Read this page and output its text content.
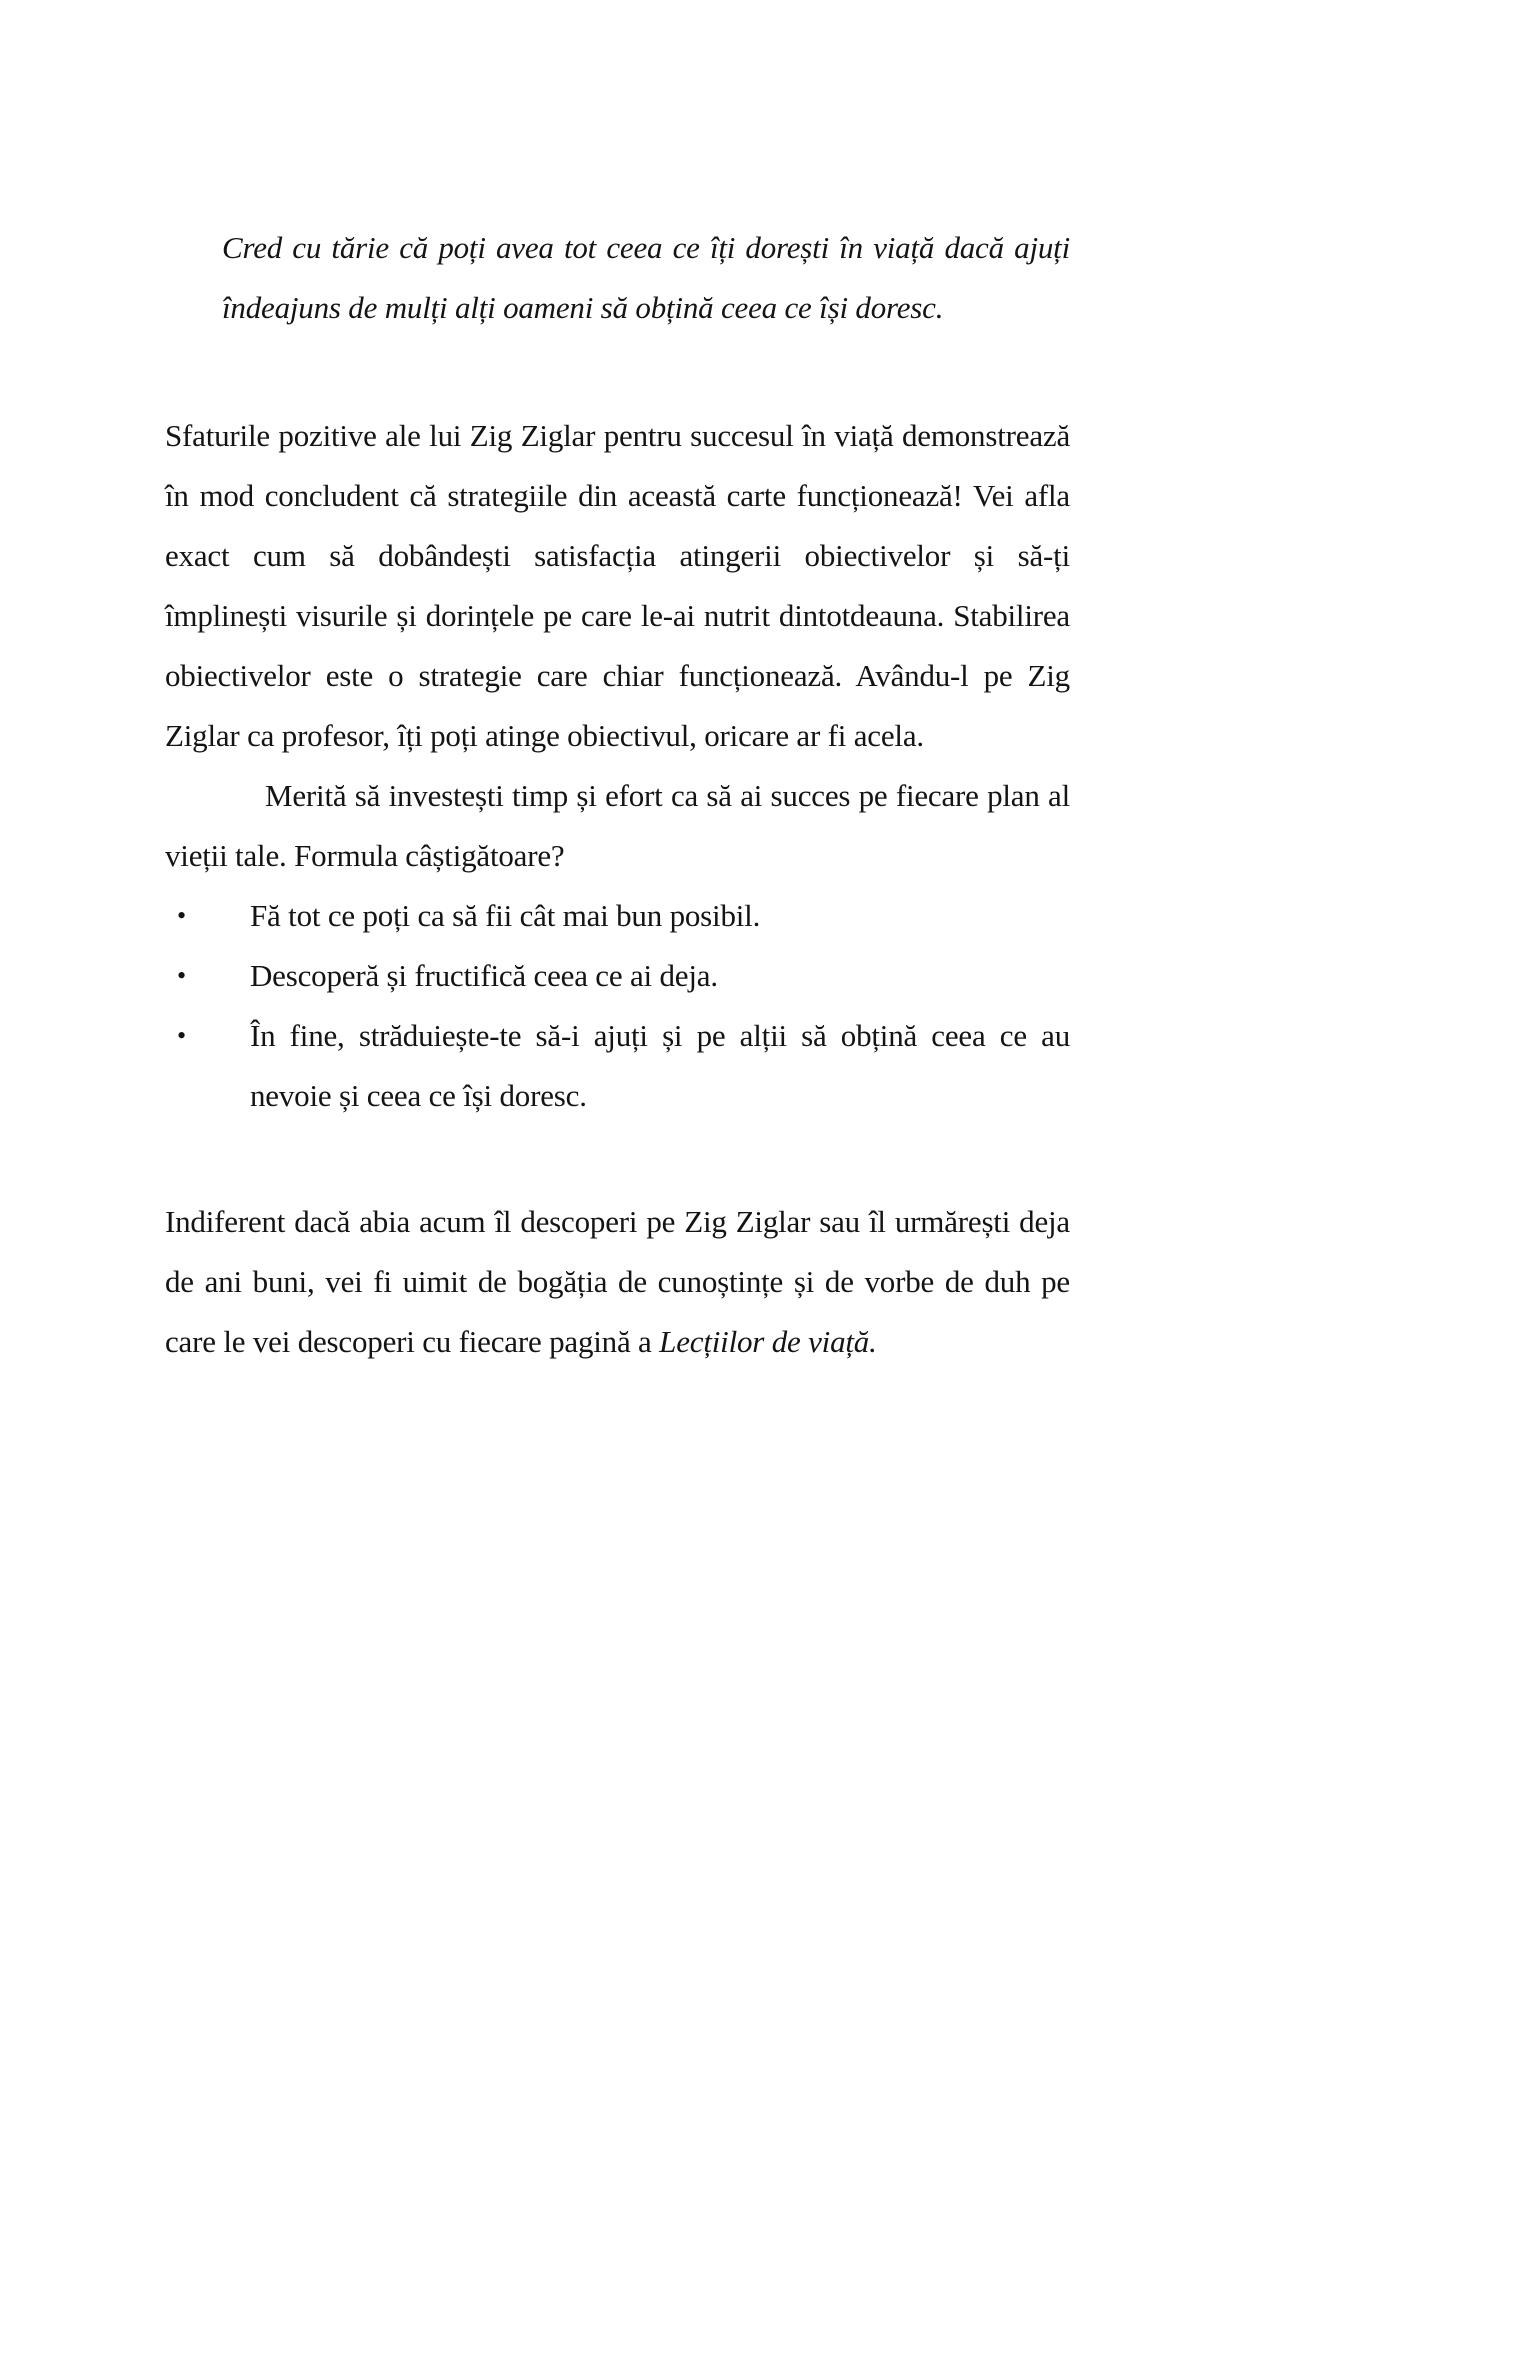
Cred cu tărie că poți avea tot ceea ce îți dorești în viață dacă ajuți îndeajuns de mulți alți oameni să obțină ceea ce își doresc.

Sfaturile pozitive ale lui Zig Ziglar pentru succesul în viață demonstrează în mod concludent că strategiile din această carte funcționează! Vei afla exact cum să dobândești satisfacția atingerii obiectivelor și să-ți împlinești visurile și dorințele pe care le-ai nutrit dintotdeauna. Stabilirea obiectivelor este o strategie care chiar funcționează. Avându-l pe Zig Ziglar ca profesor, îți poți atinge obiectivul, oricare ar fi acela.

Merită să investești timp și efort ca să ai succes pe fiecare plan al vieții tale. Formula câștigătoare?

• Fă tot ce poți ca să fii cât mai bun posibil.
• Descoperă și fructifică ceea ce ai deja.
• În fine, străduiește-te să-i ajuți și pe alții să obțină ceea ce au nevoie și ceea ce își doresc.

Indiferent dacă abia acum îl descoperi pe Zig Ziglar sau îl urmărești deja de ani buni, vei fi uimit de bogăția de cunoștințe și de vorbe de duh pe care le vei descoperi cu fiecare pagină a Lecțiilor de viață.
